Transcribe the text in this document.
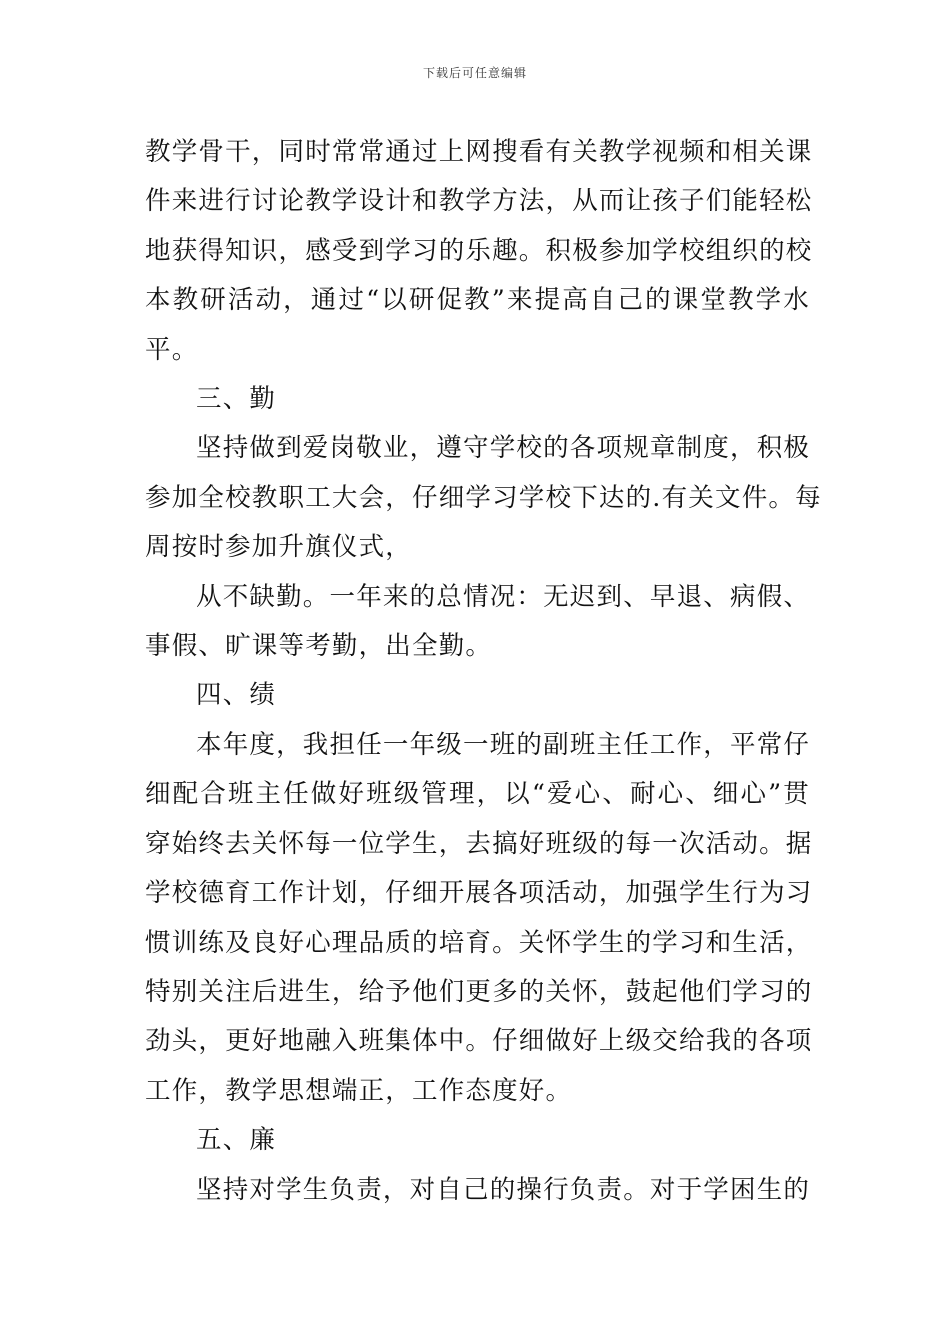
下载后可任意编辑
教学骨干，同时常常通过上网搜看有关教学视频和相关课
件来进行讨论教学设计和教学方法，从而让孩子们能轻松
地获得知识，感受到学习的乐趣。积极参加学校组织的校
本教研活动，通过“以研促教”来提高自己的课堂教学水
平。
三、勤
坚持做到爱岗敬业，遵守学校的各项规章制度，积极
参加全校教职工大会，仔细学习学校下达的.有关文件。每
周按时参加升旗仪式，
从不缺勤。一年来的总情况：无迟到、早退、病假、
事假、旷课等考勤，出全勤。
四、绩
本年度，我担任一年级一班的副班主任工作，平常仔
细配合班主任做好班级管理，以“爱心、耐心、细心”贯
穿始终去关怀每一位学生，去搞好班级的每一次活动。据
学校德育工作计划，仔细开展各项活动，加强学生行为习
惯训练及良好心理品质的培育。关怀学生的学习和生活，
特别关注后进生，给予他们更多的关怀，鼓起他们学习的
劲头，更好地融入班集体中。仔细做好上级交给我的各项
工作，教学思想端正，工作态度好。
五、廉
坚持对学生负责，对自己的操行负责。对于学困生的
